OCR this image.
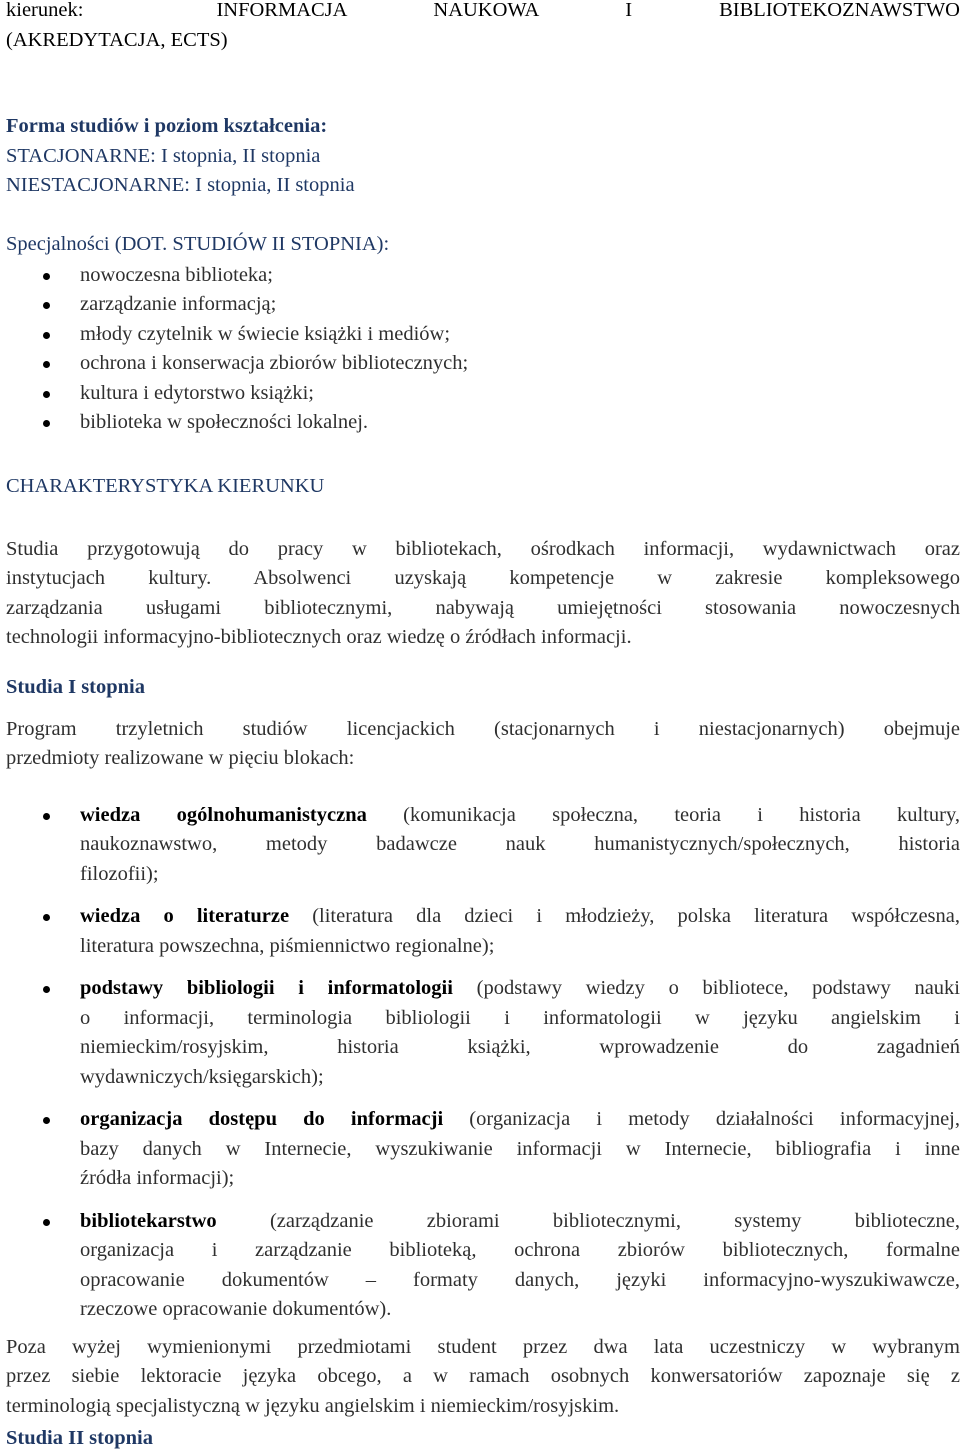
kierunek:	INFORMACJA	NAUKOWA	I	BIBLIOTEKOZNAWSTWO
(AKREDYTACJA, ECTS)
Forma studiów i poziom kształcenia:
STACJONARNE: I stopnia, II stopnia
NIESTACJONARNE: I stopnia, II stopnia
Specjalności (DOT. STUDIÓW II STOPNIA):
nowoczesna biblioteka;
zarządzanie informacją;
młody czytelnik w świecie książki i mediów;
ochrona i konserwacja zbiorów bibliotecznych;
kultura i edytorstwo książki;
biblioteka w społeczności lokalnej.
CHARAKTERYSTYKA KIERUNKU
Studia przygotowują do pracy w bibliotekach, ośrodkach informacji, wydawnictwach oraz
instytucjach kultury. Absolwenci uzyskają kompetencje w zakresie kompleksowego
zarządzania usługami bibliotecznymi, nabywają umiejętności stosowania nowoczesnych
technologii informacyjno-bibliotecznych oraz wiedzę o źródłach informacji.
Studia I stopnia
Program trzyletnich studiów licencjackich (stacjonarnych i niestacjonarnych) obejmuje
przedmioty realizowane w pięciu blokach:
wiedza ogólnohumanistyczna (komunikacja społeczna, teoria i historia kultury,
naukoznawstwo, metody badawcze nauk humanistycznych/społecznych, historia
filozofii);
wiedza o literaturze (literatura dla dzieci i młodzieży, polska literatura współczesna,
literatura powszechna, piśmiennictwo regionalne);
podstawy bibliologii i informatologii (podstawy wiedzy o bibliotece, podstawy nauki
o informacji, terminologia bibliologii i informatologii w języku angielskim i
niemieckim/rosyjskim, historia książki, wprowadzenie do zagadnień
wydawniczych/księgarskich);
organizacja dostępu do informacji (organizacja i metody działalności informacyjnej,
bazy danych w Internecie, wyszukiwanie informacji w Internecie, bibliografia i inne
źródła informacji);
bibliotekarstwo (zarządzanie zbiorami bibliotecznymi, systemy biblioteczne,
organizacja i zarządzanie biblioteką, ochrona zbiorów bibliotecznych, formalne
opracowanie dokumentów – formaty danych, języki informacyjno-wyszukiwawcze,
rzeczowe opracowanie dokumentów).
Poza wyżej wymienionymi przedmiotami student przez dwa lata uczestniczy w wybranym
przez siebie lektoracie języka obcego, a w ramach osobnych konwersatoriów zapoznaje się z
terminologią specjalistyczną w języku angielskim i niemieckim/rosyjskim.
Studia II stopnia
